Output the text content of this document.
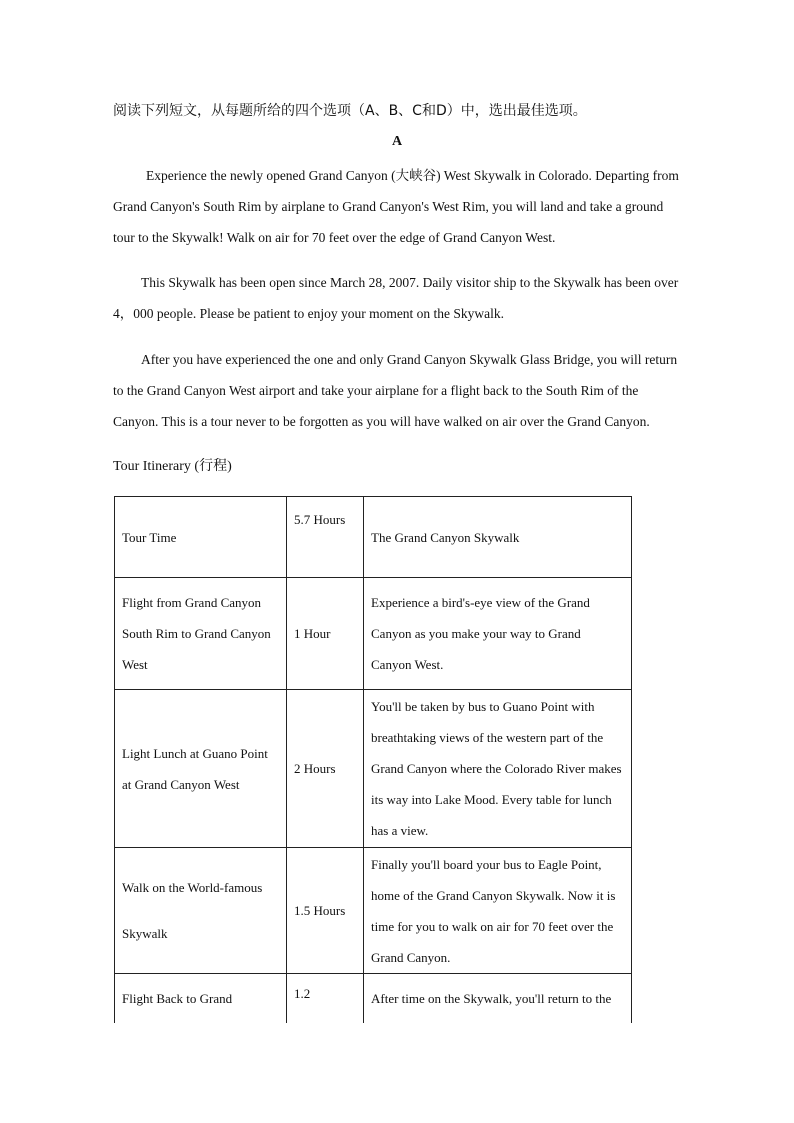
阅读下列短文，从每题所给的四个选项（A、B、C和D）中，选出最佳选项。
A

Experience the newly opened Grand Canyon (大峡谷) West Skywalk in Colorado. Departing from Grand Canyon's South Rim by airplane to Grand Canyon's West Rim, you will land and take a ground tour to the Skywalk! Walk on air for 70 feet over the edge of Grand Canyon West.

This Skywalk has been open since March 28, 2007. Daily visitor ship to the Skywalk has been over 4，000 people. Please be patient to enjoy your moment on the Skywalk.

After you have experienced the one and only Grand Canyon Skywalk Glass Bridge, you will return to the Grand Canyon West airport and take your airplane for a flight back to the South Rim of the Canyon. This is a tour never to be forgotten as you will have walked on air over the Grand Canyon.

Tour Itinerary (行程)
Tour Time	5.7 Hours	The Grand Canyon Skywalk
Flight from Grand Canyon South Rim to Grand Canyon West	1 Hour	Experience a bird's-eye view of the Grand Canyon as you make your way to Grand Canyon West.
Light Lunch at Guano Point at Grand Canyon West	2 Hours	You'll be taken by bus to Guano Point with breathtaking views of the western part of the Grand Canyon where the Colorado River makes its way into Lake Mood. Every table for lunch has a view.
Walk on the World-famous Skywalk	1.5 Hours	Finally you'll board your bus to Eagle Point, home of the Grand Canyon Skywalk. Now it is time for you to walk on air for 70 feet over the Grand Canyon.
Flight Back to Grand	1.2	After time on the Skywalk, you'll return to the
